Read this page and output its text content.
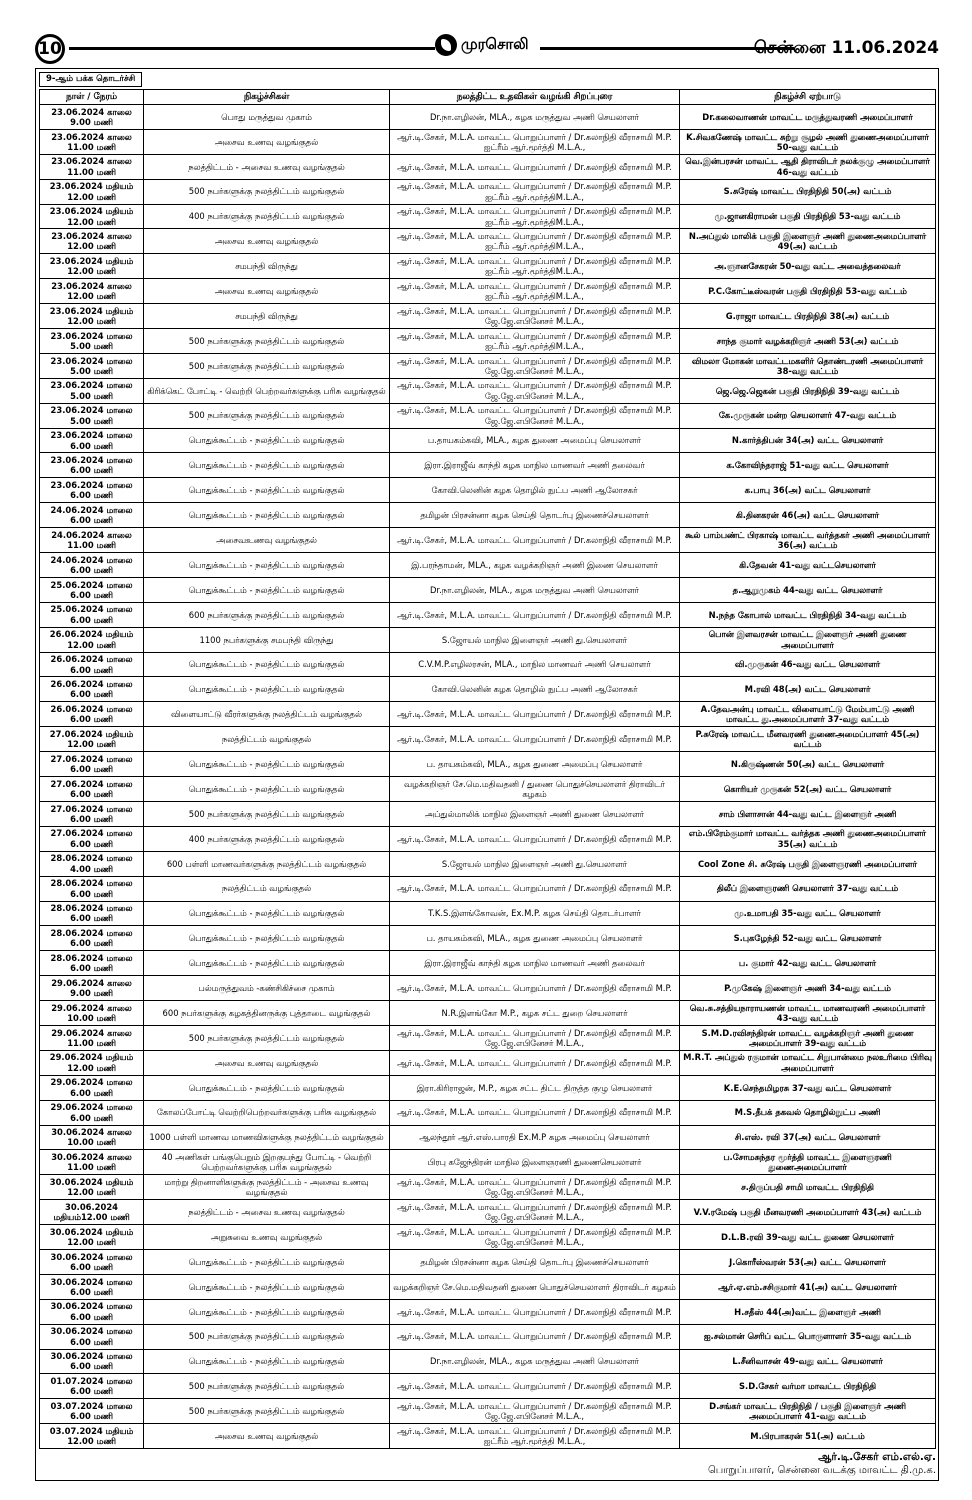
10	முரசொலி	சென்னை 11.06.2024
9-ஆம் பக்க தொடர்ச்சி
நாள் / நேரம்	நிகழ்ச்சிகள்	நலத்திட்ட உதவிகள் வழங்கி சிறப்புரை	நிகழ்ச்சி ஏற்பாடு

23.06.2024 காலை
9.00 மணி	பொது மருத்துவ முகாம்	Dr.நா.எழிலன், MLA., கழக மருத்துவ அணி செயலாளர்	Dr.கலைவாணன் மாவட்ட மருத்துவரணி அமைப்பாளர்

23.06.2024 காலை
11.00 மணி	அசைவ உணவு வழங்குதல்	ஆர்.டி.சேகர், M.L.A. மாவட்ட பொறுப்பாளர் / Dr.கலாநிதி வீராசாமி M.P. ஐட்ரீம் ஆர்.மூர்த்தி M.L.A.,	K.சிவகணேஷ் மாவட்ட சுற்று சூழல் அணி துணைஅமைப்பாளர் 50-வது வட்டம்

23.06.2024 காலை
11.00 மணி	நலத்திட்டம் - அசைவ உணவு வழங்குதல்	ஆர்.டி.சேகர், M.L.A. மாவட்ட பொறுப்பாளர் / Dr.கலாநிதி வீராசாமி M.P.	வெ.இன்பரசன் மாவட்ட ஆதி திராவிடர் நலக்குழு அமைப்பாளர் 46-வது வட்டம்

23.06.2024 மதியம்
12.00 மணி	500 நபர்களுக்கு நலத்திட்டம் வழங்குதல்	ஆர்.டி.சேகர், M.L.A. மாவட்ட பொறுப்பாளர் / Dr.கலாநிதி வீராசாமி M.P. ஐட்ரீம் ஆர்.மூர்த்திM.L.A.,	S.சுரேஷ் மாவட்ட பிரதிநிதி 50(அ) வட்டம்

23.06.2024 மதியம்
12.00 மணி	400 நபர்களுக்கு நலத்திட்டம் வழங்குதல்	ஆர்.டி.சேகர், M.L.A. மாவட்ட பொறுப்பாளர் / Dr.கலாநிதி வீராசாமி M.P. ஐட்ரீம் ஆர்.மூர்த்திM.L.A.,	மு.ஜானகிராமன் பகுதி பிரதிநிதி 53-வது வட்டம்

23.06.2024 காலை
12.00 மணி	அசைவ உணவு வழங்குதல்	ஆர்.டி.சேகர், M.L.A. மாவட்ட பொறுப்பாளர் / Dr.கலாநிதி வீராசாமி M.P. ஐட்ரீம் ஆர்.மூர்த்திM.L.A.,	N.அப்துல் மாலிக் பகுதி இளைஞர் அணி துணைஅமைப்பாளர் 49(அ) வட்டம்

23.06.2024 மதியம்
12.00 மணி	சமபந்தி விருந்து	ஆர்.டி.சேகர், M.L.A. மாவட்ட பொறுப்பாளர் / Dr.கலாநிதி வீராசாமி M.P. ஐட்ரீம் ஆர்.மூர்த்திM.L.A.,	அ.ஞானசேகரன் 50-வது வட்ட அவைத்தலைவர்

23.06.2024 காலை
12.00 மணி	அசைவ உணவு வழங்குதல்	ஆர்.டி.சேகர், M.L.A. மாவட்ட பொறுப்பாளர் / Dr.கலாநிதி வீராசாமி M.P. ஐட்ரீம் ஆர்.மூர்த்திM.L.A.,	P.C.கோட்டீஸ்வரன் பகுதி பிரதிநிதி 53-வது வட்டம்

23.06.2024 மதியம்
12.00 மணி	சமபந்தி விருந்து	ஆர்.டி.சேகர், M.L.A. மாவட்ட பொறுப்பாளர் / Dr.கலாநிதி வீராசாமி M.P. ஜே.ஜே.எபினேசர் M.L.A.,	G.ராஜா மாவட்ட பிரதிநிதி 38(அ) வட்டம்

23.06.2024 மாலை
5.00 மணி	500 நபர்களுக்கு நலத்திட்டம் வழங்குதல்	ஆர்.டி.சேகர், M.L.A. மாவட்ட பொறுப்பாளர் / Dr.கலாநிதி வீராசாமி M.P. ஐட்ரீம் ஆர்.மூர்த்திM.L.A.,	சாந்த குமார் வழக்கறிஞர் அணி 53(அ) வட்டம்

23.06.2024 மாலை
5.00 மணி	500 நபர்களுக்கு நலத்திட்டம் வழங்குதல்	ஆர்.டி.சேகர், M.L.A. மாவட்ட பொறுப்பாளர் / Dr.கலாநிதி வீராசாமி M.P. ஜே.ஜே.எபினேசர் M.L.A.,	விமலா மோகன் மாவட்டமகளிர் தொண்டரணி அமைப்பாளர் 38-வது வட்டம்

23.06.2024 மாலை
5.00 மணி	கிரிக்கெட் போட்டி - வெற்றி பெற்றவர்களுக்கு பரிசு வழங்குதல்	ஆர்.டி.சேகர், M.L.A. மாவட்ட பொறுப்பாளர் / Dr.கலாநிதி வீராசாமி M.P. ஜே.ஜே.எபினேசர் M.L.A.,	ஜெ.ஜெ.ஜெகன் பகுதி பிரதிநிதி 39-வது வட்டம்

23.06.2024 மாலை
5.00 மணி	500 நபர்களுக்கு நலத்திட்டம் வழங்குதல்	ஆர்.டி.சேகர், M.L.A. மாவட்ட பொறுப்பாளர் / Dr.கலாநிதி வீராசாமி M.P. ஜே.ஜே.எபினேசர் M.L.A.,	கே.முருகன் மன்ற செயலாளர் 47-வது வட்டம்

23.06.2024 மாலை
6.00 மணி	பொதுக்கூட்டம் - நலத்திட்டம் வழங்குதல்	ப.தாயகம்கவி, MLA., கழக துணை அமைப்பு செயலாளர்	N.கார்த்திபன் 34(அ) வட்ட செயலாளர்

23.06.2024 மாலை
6.00 மணி	பொதுக்கூட்டம் - நலத்திட்டம் வழங்குதல்	இரா.இராஜீவ் காந்தி கழக மாநில மாணவர் அணி தலைவர்	க.கோவிந்தராஜ் 51-வது வட்ட செயலாளர்

23.06.2024 மாலை
6.00 மணி	பொதுக்கூட்டம் - நலத்திட்டம் வழங்குதல்	கோவி.லெனின் கழக தொழில் நுட்ப அணி ஆலோசகர்	க.பாபு 36(அ) வட்ட செயலாளர்

24.06.2024 மாலை
6.00 மணி	பொதுக்கூட்டம் - நலத்திட்டம் வழங்குதல்	தமிழன் பிரசன்னா கழக செய்தி தொடர்பு இணைச்செயலாளர்	கி.தினகரன் 46(அ) வட்ட செயலாளர்

24.06.2024 காலை
11.00 மணி	அசைவஉணவு வழங்குதல்	ஆர்.டி.சேகர், M.L.A. மாவட்ட பொறுப்பாளர் / Dr.கலாநிதி வீராசாமி M.P.	கூல் பாம்பண்ட் பிரகாஷ் மாவட்ட வர்த்தகர் அணி அமைப்பாளர் 36(அ) வட்டம்

24.06.2024 மாலை
6.00 மணி	பொதுக்கூட்டம் - நலத்திட்டம் வழங்குதல்	இ.பரந்தாமன், MLA., கழக வழக்கறிஞர் அணி இணை செயலாளர்	கி.தேவன் 41-வது வட்டசெயலாளர்

25.06.2024 மாலை
6.00 மணி	பொதுக்கூட்டம் - நலத்திட்டம் வழங்குதல்	Dr.நா.எழிலன், MLA., கழக மருத்துவ அணி செயலாளர்	த.ஆறுமுகம் 44-வது வட்ட செயலாளர்

25.06.2024 மாலை
6.00 மணி	600 நபர்களுக்கு நலத்திட்டம் வழங்குதல்	ஆர்.டி.சேகர், M.L.A. மாவட்ட பொறுப்பாளர் / Dr.கலாநிதி வீராசாமி M.P.	N.நந்த கோபால் மாவட்ட பிரதிநிதி 34-வது வட்டம்

26.06.2024 மதியம்
12.00 மணி	1100 நபர்களுக்கு சமபந்தி விருந்து	S.ஜோயல் மாநில இளைஞர் அணி து.செயலாளர்	பொன் இளவரசன் மாவட்ட இளைஞர் அணி துணை அமைப்பாளர்

26.06.2024 மாலை
6.00 மணி	பொதுக்கூட்டம் - நலத்திட்டம் வழங்குதல்	C.V.M.P.எழிலரசன், MLA., மாநில மாணவர் அணி செயலாளர்	வி.முருகன் 46-வது வட்ட செயலாளர்

26.06.2024 மாலை
6.00 மணி	பொதுக்கூட்டம் - நலத்திட்டம் வழங்குதல்	கோவி.லெனின் கழக தொழில் நுட்ப அணி ஆலோசகர்	M.ரவி 48(அ) வட்ட செயலாளர்

26.06.2024 மாலை
6.00 மணி	விளையாட்டு வீரர்களுக்கு நலத்திட்டம் வழங்குதல்	ஆர்.டி.சேகர், M.L.A. மாவட்ட பொறுப்பாளர் / Dr.கலாநிதி வீராசாமி M.P.	A.தேவஅன்பு மாவட்ட விளையாட்டு மேம்பாட்டு அணி மாவட்ட து.அமைப்பாளர் 37-வது வட்டம்

27.06.2024 மதியம்
12.00 மணி	நலத்திட்டம் வழங்குதல்	ஆர்.டி.சேகர், M.L.A. மாவட்ட பொறுப்பாளர் / Dr.கலாநிதி வீராசாமி M.P.	P.சுரேஷ் மாவட்ட மீனவரணி துணைஅமைப்பாளர் 45(அ) வட்டம்

27.06.2024 மாலை
6.00 மணி	பொதுக்கூட்டம் - நலத்திட்டம் வழங்குதல்	ப. தாயகம்கவி, MLA., கழக துணை அமைப்பு செயலாளர்	N.கிருஷ்ணன் 50(அ) வட்ட செயலாளர்

27.06.2024 மாலை
6.00 மணி	பொதுக்கூட்டம் - நலத்திட்டம் வழங்குதல்	வழக்கறிஞர் சே.மெ.மதிவதனி / துணை பொதுச்செயலாளர் திராவிடர் கழகம்	கொரியர் முருகன் 52(அ) வட்ட செயலாளர்

27.06.2024 மாலை
6.00 மணி	500 நபர்களுக்கு நலத்திட்டம் வழங்குதல்	அப்துல்மாலிக் மாநில இளைஞர் அணி துணை செயலாளர்	சாம் பிளாசான் 44-வது வட்ட இளைஞர் அணி

27.06.2024 மாலை
6.00 மணி	400 நபர்களுக்கு நலத்திட்டம் வழங்குதல்	ஆர்.டி.சேகர், M.L.A. மாவட்ட பொறுப்பாளர் / Dr.கலாநிதி வீராசாமி M.P.	எம்.பிரேம்குமார் மாவட்ட வர்த்தக அணி துணைஅமைப்பாளர் 35(அ) வட்டம்

28.06.2024 மாலை
4.00 மணி	600 பள்ளி மாணவர்களுக்கு நலத்திட்டம் வழங்குதல்	S.ஜோயல் மாநில இளைஞர் அணி து.செயலாளர்	Cool Zone சி. சுரேஷ் பகுதி இளைஞரணி அமைப்பாளர்

28.06.2024 மாலை
6.00 மணி	நலத்திட்டம் வழங்குதல்	ஆர்.டி.சேகர், M.L.A. மாவட்ட பொறுப்பாளர் / Dr.கலாநிதி வீராசாமி M.P.	திலீப் இளைஞரணி செயலாளர் 37-வது வட்டம்

28.06.2024 மாலை
6.00 மணி	பொதுக்கூட்டம் - நலத்திட்டம் வழங்குதல்	T.K.S.இளங்கோவன், Ex.M.P. கழக செய்தி தொடர்பாளர்	மு.உமாபதி 35-வது வட்ட செயலாளர்

28.06.2024 மாலை
6.00 மணி	பொதுக்கூட்டம் - நலத்திட்டம் வழங்குதல்	ப. தாயகம்கவி, MLA., கழக துணை அமைப்பு செயலாளர்	S.புகழேந்தி 52-வது வட்ட செயலாளர்

28.06.2024 மாலை
6.00 மணி	பொதுக்கூட்டம் - நலத்திட்டம் வழங்குதல்	இரா.இராஜீவ் காந்தி கழக மாநில மாணவர் அணி தலைவர்	ப. குமார் 42-வது வட்ட செயலாளர்

29.06.2024 காலை
9.00 மணி	பல்மருத்துவம் -கண்சிகிச்சை முகாம்	ஆர்.டி.சேகர், M.L.A. மாவட்ட பொறுப்பாளர் / Dr.கலாநிதி வீராசாமி M.P.	P.முகேஷ் இளைஞர் அணி 34-வது வட்டம்

29.06.2024 காலை
10.00 மணி	600 நபர்களுக்கு கழகத்தினருக்கு புத்தாடை வழங்குதல்	N.R.இளங்கோ M.P., கழக சட்ட துறை செயலாளர்	வெ.சு.சத்தியநாராயணன் மாவட்ட மாணவரணி அமைப்பாளர் 43-வது வட்டம்

29.06.2024 காலை
11.00 மணி	500 நபர்களுக்கு நலத்திட்டம் வழங்குதல்	ஆர்.டி.சேகர், M.L.A. மாவட்ட பொறுப்பாளர் / Dr.கலாநிதி வீராசாமி M.P. ஜே.ஜே.எபினேசர் M.L.A.,	S.M.D.ரவிசந்திரன் மாவட்ட வழக்கறிஞர் அணி துணை அமைப்பாளர் 39-வது வட்டம்

29.06.2024 மதியம்
12.00 மணி	அசைவ உணவு வழங்குதல்	ஆர்.டி.சேகர், M.L.A. மாவட்ட பொறுப்பாளர் / Dr.கலாநிதி வீராசாமி M.P.	M.R.T. அப்துல் ரகுமான் மாவட்ட சிறுபான்மை நலஉரிமை பிரிவு அமைப்பாளர்

29.06.2024 மாலை
6.00 மணி	பொதுக்கூட்டம் - நலத்திட்டம் வழங்குதல்	இரா.கிரிராஜன், M.P., கழக சட்ட திட்ட திருத்த குழு செயலாளர்	K.E.செந்தமிழரசு 37-வது வட்ட செயலாளர்

29.06.2024 மாலை
6.00 மணி	கோலப்போட்டி வெற்றிபெற்றவர்களுக்கு பரிசு வழங்குதல்	ஆர்.டி.சேகர், M.L.A. மாவட்ட பொறுப்பாளர் / Dr.கலாநிதி வீராசாமி M.P.	M.S.தீபக் தகவல் தொழில்நுட்ப அணி

30.06.2024 காலை
10.00 மணி	1000 பள்ளி மாணவ மாணவிகளுக்கு நலத்திட்டம் வழங்குதல்	ஆலந்தூர் ஆர்.எஸ்.பாரதி Ex.M.P கழக அமைப்பு செயலாளர்	சி.எஸ். ரவி 37(அ) வட்ட செயலாளர்

30.06.2024 காலை
11.00 மணி	40 அணிகள் பங்குபெறும் இறகுபந்து போட்டி - வெற்றி பெற்றவர்களுக்கு பரிசு வழங்குதல்	பிரபு கஜேந்திரன் மாநில இளைஞரணி துணைசெயலாளர்	ப.சோமசுந்தர மூர்த்தி மாவட்ட இளைஞரணி துணைஅமைப்பாளர்

30.06.2024 மதியம்
12.00 மணி	மாற்று திறனாளிகளுக்கு நலத்திட்டம் - அசைவ உணவு வழங்குதல்	ஆர்.டி.சேகர், M.L.A. மாவட்ட பொறுப்பாளர் / Dr.கலாநிதி வீராசாமி M.P. ஜே.ஜே.எபினேசர் M.L.A.,	ச.திருப்பதி சாமி மாவட்ட பிரதிநிதி

30.06.2024
மதியம்12.00 மணி	நலத்திட்டம் - அசைவ உணவு வழங்குதல்	ஆர்.டி.சேகர், M.L.A. மாவட்ட பொறுப்பாளர் / Dr.கலாநிதி வீராசாமி M.P. ஜே.ஜே.எபினேசர் M.L.A.,	V.V.ரமேஷ் பகுதி மீனவரணி அமைப்பாளர் 43(அ) வட்டம்

30.06.2024 மதியம்
12.00 மணி	அறுசுவை உணவு வழங்குதல்	ஆர்.டி.சேகர், M.L.A. மாவட்ட பொறுப்பாளர் / Dr.கலாநிதி வீராசாமி M.P. ஜே.ஜே.எபினேசர் M.L.A.,	D.L.B.ரவி 39-வது வட்ட துணை செயலாளர்

30.06.2024 மாலை
6.00 மணி	பொதுக்கூட்டம் - நலத்திட்டம் வழங்குதல்	தமிழன் பிரசன்னா கழக செய்தி தொடர்பு இணைச்செயலாளர்	J.கொரீஸ்வரன் 53(அ) வட்ட செயலாளர்

30.06.2024 மாலை
6.00 மணி	பொதுக்கூட்டம் - நலத்திட்டம் வழங்குதல்	வழக்கறிஞர் சே.மெ.மதிவதனி துணை பொதுச்செயலாளர் திராவிடர் கழகம்	ஆர்.ஏ.எம்.சசிகுமார் 41(அ) வட்ட செயலாளர்

30.06.2024 மாலை
6.00 மணி	பொதுக்கூட்டம் - நலத்திட்டம் வழங்குதல்	ஆர்.டி.சேகர், M.L.A. மாவட்ட பொறுப்பாளர் / Dr.கலாநிதி வீராசாமி M.P.	H.சதீஸ் 44(அ)வட்ட இளைஞர் அணி

30.06.2024 மாலை
6.00 மணி	500 நபர்களுக்கு நலத்திட்டம் வழங்குதல்	ஆர்.டி.சேகர், M.L.A. மாவட்ட பொறுப்பாளர் / Dr.கலாநிதி வீராசாமி M.P.	ஐ.சல்மான் செரிப் வட்ட பொருளாளர் 35-வது வட்டம்

30.06.2024 மாலை
6.00 மணி	பொதுக்கூட்டம் - நலத்திட்டம் வழங்குதல்	Dr.நா.எழிலன், MLA., கழக மருத்துவ அணி செயலாளர்	L.சீனிவாசன் 49-வது வட்ட செயலாளர்

01.07.2024 மாலை
6.00 மணி	500 நபர்களுக்கு நலத்திட்டம் வழங்குதல்	ஆர்.டி.சேகர், M.L.A. மாவட்ட பொறுப்பாளர் / Dr.கலாநிதி வீராசாமி M.P.	S.D.சேகர் வர்மா மாவட்ட பிரதிநிதி

03.07.2024 மாலை
6.00 மணி	500 நபர்களுக்கு நலத்திட்டம் வழங்குதல்	ஆர்.டி.சேகர், M.L.A. மாவட்ட பொறுப்பாளர் / Dr.கலாநிதி வீராசாமி M.P. ஜே.ஜே.எபினேசர் M.L.A.,	D.சங்கர் மாவட்ட பிரதிநிதி / பகுதி இளைஞர் அணி அமைப்பாளர் 41-வது வட்டம்

03.07.2024 மதியம்
12.00 மணி	அசைவ உணவு வழங்குதல்	ஆர்.டி.சேகர், M.L.A. மாவட்ட பொறுப்பாளர் / Dr.கலாநிதி வீராசாமி M.P. ஐட்ரீம் ஆர்.மூர்த்தி M.L.A.,	M.பிரபாகரன் 51(அ) வட்டம்
ஆர்.டி.சேகர் எம்.எல்.ஏ.
பொறுப்பாளர், சென்னை வடக்கு மாவட்ட தி.மு.க.
